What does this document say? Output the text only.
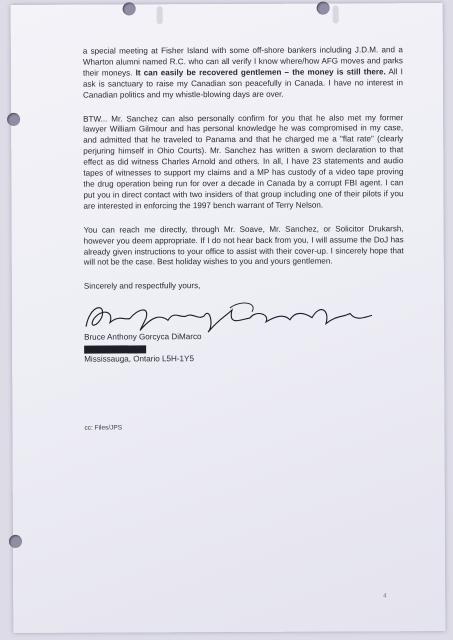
a special meeting at Fisher Island with some off-shore bankers including J.D.M. and a Wharton alumni named R.C. who can all verify I know where/how AFG moves and parks their moneys. It can easily be recovered gentlemen – the money is still there. All I ask is sanctuary to raise my Canadian son peacefully in Canada. I have no interest in Canadian politics and my whistle-blowing days are over.

BTW... Mr. Sanchez can also personally confirm for you that he also met my former lawyer William Gilmour and has personal knowledge he was compromised in my case, and admitted that he traveled to Panama and that he charged me a "flat rate" (clearly perjuring himself in Ohio Courts). Mr. Sanchez has written a sworn declaration to that effect as did witness Charles Arnold and others. In all, I have 23 statements and audio tapes of witnesses to support my claims and a MP has custody of a video tape proving the drug operation being run for over a decade in Canada by a corrupt FBI agent. I can put you in direct contact with two insiders of that group including one of their pilots if you are interested in enforcing the 1997 bench warrant of Terry Nelson.

You can reach me directly, through Mr. Soave, Mr. Sanchez, or Solicitor Drukarsh, however you deem appropriate. If I do not hear back from you, I will assume the DoJ has already given instructions to your office to assist with their cover-up. I sincerely hope that will not be the case. Best holiday wishes to you and yours gentlemen.

Sincerely and respectfully yours,

Bruce Anthony Gorcyca DiMarco
Mississauga, Ontario L5H-1Y5
cc: Files/JPS
4
